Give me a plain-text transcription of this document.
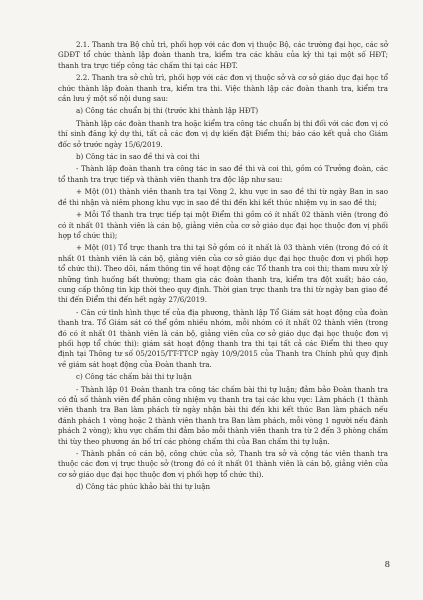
2.1. Thanh tra Bộ chủ trì, phối hợp với các đơn vị thuộc Bộ, các trường đại học, các sở GDĐT tổ chức thành lập đoàn thanh tra, kiểm tra các khâu của kỳ thi tại một số HĐT; thanh tra trực tiếp công tác chấm thi tại các HĐT.

2.2. Thanh tra sở chủ trì, phối hợp với các đơn vị thuộc sở và cơ sở giáo dục đại học tổ chức thành lập đoàn thanh tra, kiểm tra thi. Việc thành lập các đoàn thanh tra, kiểm tra cần lưu ý một số nội dung sau:

a) Công tác chuẩn bị thi (trước khi thành lập HĐT)

Thành lập các đoàn thanh tra hoặc kiểm tra công tác chuẩn bị thi đối với các đơn vị có thí sinh đăng ký dự thi, tất cả các đơn vị dự kiến đặt Điểm thi; báo cáo kết quả cho Giám đốc sở trước ngày 15/6/2019.

b) Công tác in sao đề thi và coi thi

- Thành lập đoàn thanh tra công tác in sao đề thi và coi thi, gồm có Trưởng đoàn, các tổ thanh tra trực tiếp và thành viên thanh tra độc lập như sau:

+ Một (01) thành viên thanh tra tại Vòng 2, khu vực in sao đề thi từ ngày Ban in sao đề thi nhận và niêm phong khu vực in sao đề thi đến khi kết thúc nhiệm vụ in sao đề thi;

+ Mỗi Tổ thanh tra trực tiếp tại một Điểm thi gồm có ít nhất 02 thành viên (trong đó có ít nhất 01 thành viên là cán bộ, giảng viên của cơ sở giáo dục đại học thuộc đơn vị phối hợp tổ chức thi);

+ Một (01) Tổ trực thanh tra thi tại Sở gồm có ít nhất là 03 thành viên (trong đó có ít nhất 01 thành viên là cán bộ, giảng viên của cơ sở giáo dục đại học thuộc đơn vị phối hợp tổ chức thi). Theo dõi, nắm thông tin về hoạt động các Tổ thanh tra coi thi; tham mưu xử lý những tình huống bất thường; tham gia các đoàn thanh tra, kiểm tra đột xuất; báo cáo, cung cấp thông tin kịp thời theo quy định. Thời gian trực thanh tra thi từ ngày ban giao đề thi đến Điểm thi đến hết ngày 27/6/2019.

- Căn cứ tình hình thực tế của địa phương, thành lập Tổ Giám sát hoạt động của đoàn thanh tra. Tổ Giám sát có thể gồm nhiều nhóm, mỗi nhóm có ít nhất 02 thành viên (trong đó có ít nhất 01 thành viên là cán bộ, giảng viên của cơ sở giáo dục đại học thuộc đơn vị phối hợp tổ chức thi): giám sát hoạt động thanh tra thi tại tất cả các Điểm thi theo quy định tại Thông tư số 05/2015/TT-TTCP ngày 10/9/2015 của Thanh tra Chính phủ quy định về giám sát hoạt động của Đoàn thanh tra.

c) Công tác chấm bài thi tự luận

- Thành lập 01 Đoàn thanh tra công tác chấm bài thi tự luận; đảm bảo Đoàn thanh tra có đủ số thành viên để phân công nhiệm vụ thanh tra tại các khu vực: Làm phách (1 thành viên thanh tra Ban làm phách từ ngày nhận bài thi đến khi kết thúc Ban làm phách nếu đánh phách 1 vòng hoặc 2 thành viên thanh tra Ban làm phách, mỗi vòng 1 người nếu đánh phách 2 vòng); khu vực chấm thi đảm bảo mỗi thành viên thanh tra từ 2 đến 3 phòng chấm thi tùy theo phương án bố trí các phòng chấm thi của Ban chấm thi tự luận.

- Thành phần có cán bộ, công chức của sở, Thanh tra sở và cộng tác viên thanh tra thuộc các đơn vị trực thuộc sở (trong đó có ít nhất 01 thành viên là cán bộ, giảng viên của cơ sở giáo dục đại học thuộc đơn vị phối hợp tổ chức thi).

d) Công tác phúc khảo bài thi tự luận

8
